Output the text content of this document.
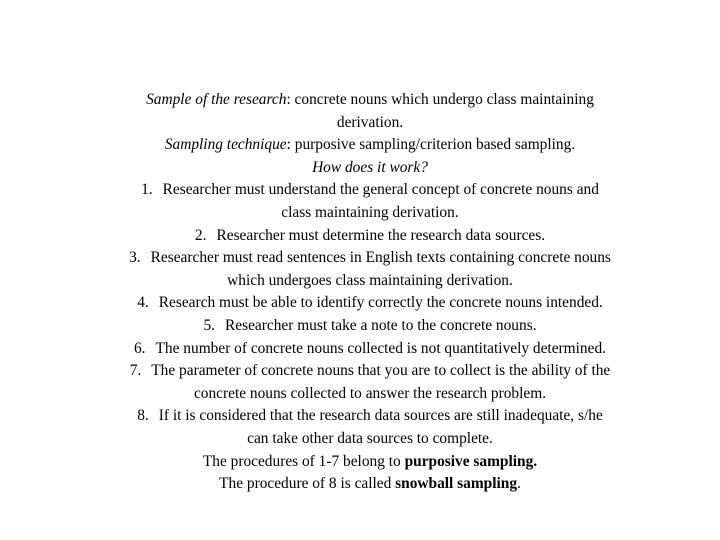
Sample of the research: concrete nouns which undergo class maintaining
derivation.
Sampling technique: purposive sampling/criterion based sampling.
How does it work?
1. Researcher must understand the general concept of concrete nouns and
class maintaining derivation.
2. Researcher must determine the research data sources.
3. Researcher must read sentences in English texts containing concrete nouns
which undergoes class maintaining derivation.
4. Research must be able to identify correctly the concrete nouns intended.
5. Researcher must take a note to the concrete nouns.
6. The number of concrete nouns collected is not quantitatively determined.
7. The parameter of concrete nouns that you are to collect is the ability of the
concrete nouns collected to answer the research problem.
8. If it is considered that the research data sources are still inadequate, s/he
can take other data sources to complete.
The procedures of 1-7 belong to purposive sampling.
The procedure of 8 is called snowball sampling.
